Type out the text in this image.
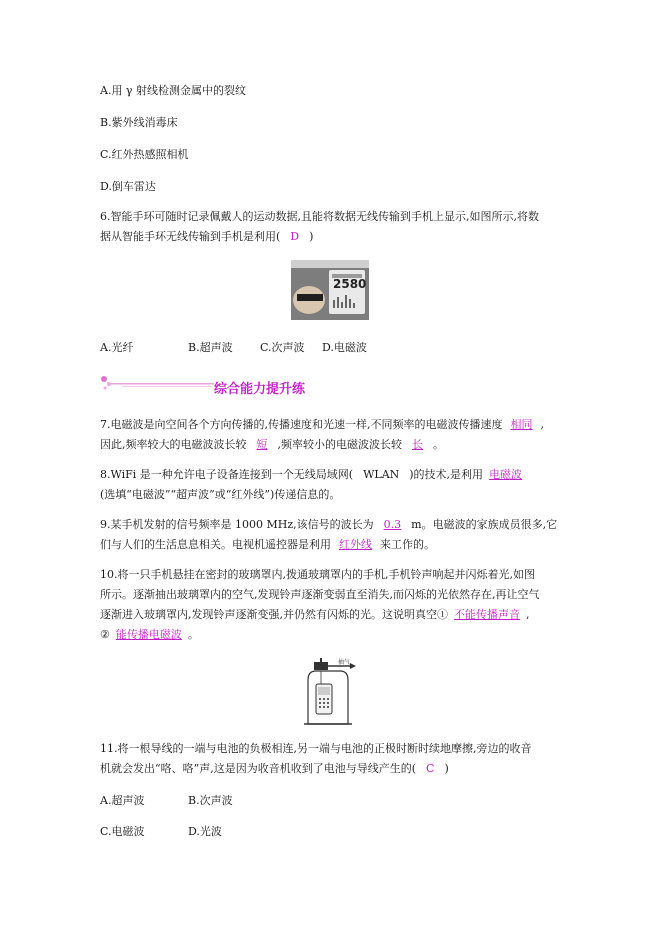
A.用 γ 射线检测金属中的裂纹
B.紫外线消毒床
C.红外热感照相机
D.倒车雷达
6.智能手环可随时记录佩戴人的运动数据,且能将数据无线传输到手机上显示,如图所示,将数
据从智能手环无线传输到手机是利用( D )
2580
A.光纤	B.超声波 C.次声波 D.电磁波
综合能力提升练
7.电磁波是向空间各个方向传播的,传播速度和光速一样,不同频率的电磁波传播速度 相同 ,
因此,频率较大的电磁波波长较 短 ,频率较小的电磁波波长较 长 。
8.WiFi 是一种允许电子设备连接到一个无线局域网( WLAN )的技术,是利用 电磁波
(选填“电磁波”“超声波”或“红外线”)传递信息的。
9.某手机发射的信号频率是 1000 MHz,该信号的波长为 0.3 m。电磁波的家族成员很多,它
们与人们的生活息息相关。电视机遥控器是利用 红外线 来工作的。
10.将一只手机悬挂在密封的玻璃罩内,拨通玻璃罩内的手机,手机铃声响起并闪烁着光,如图
所示。逐渐抽出玻璃罩内的空气,发现铃声逐渐变弱直至消失,而闪烁的光依然存在,再让空气
逐渐进入玻璃罩内,发现铃声逐渐变强,并仍然有闪烁的光。这说明真空① 不能传播声音 ,
② 能传播电磁波 。
抽气
11.将一根导线的一端与电池的负极相连,另一端与电池的正极时断时续地摩擦,旁边的收音
机就会发出“咯、咯”声,这是因为收音机收到了电池与导线产生的( C )
A.超声波	B.次声波
C.电磁波	D.光波
